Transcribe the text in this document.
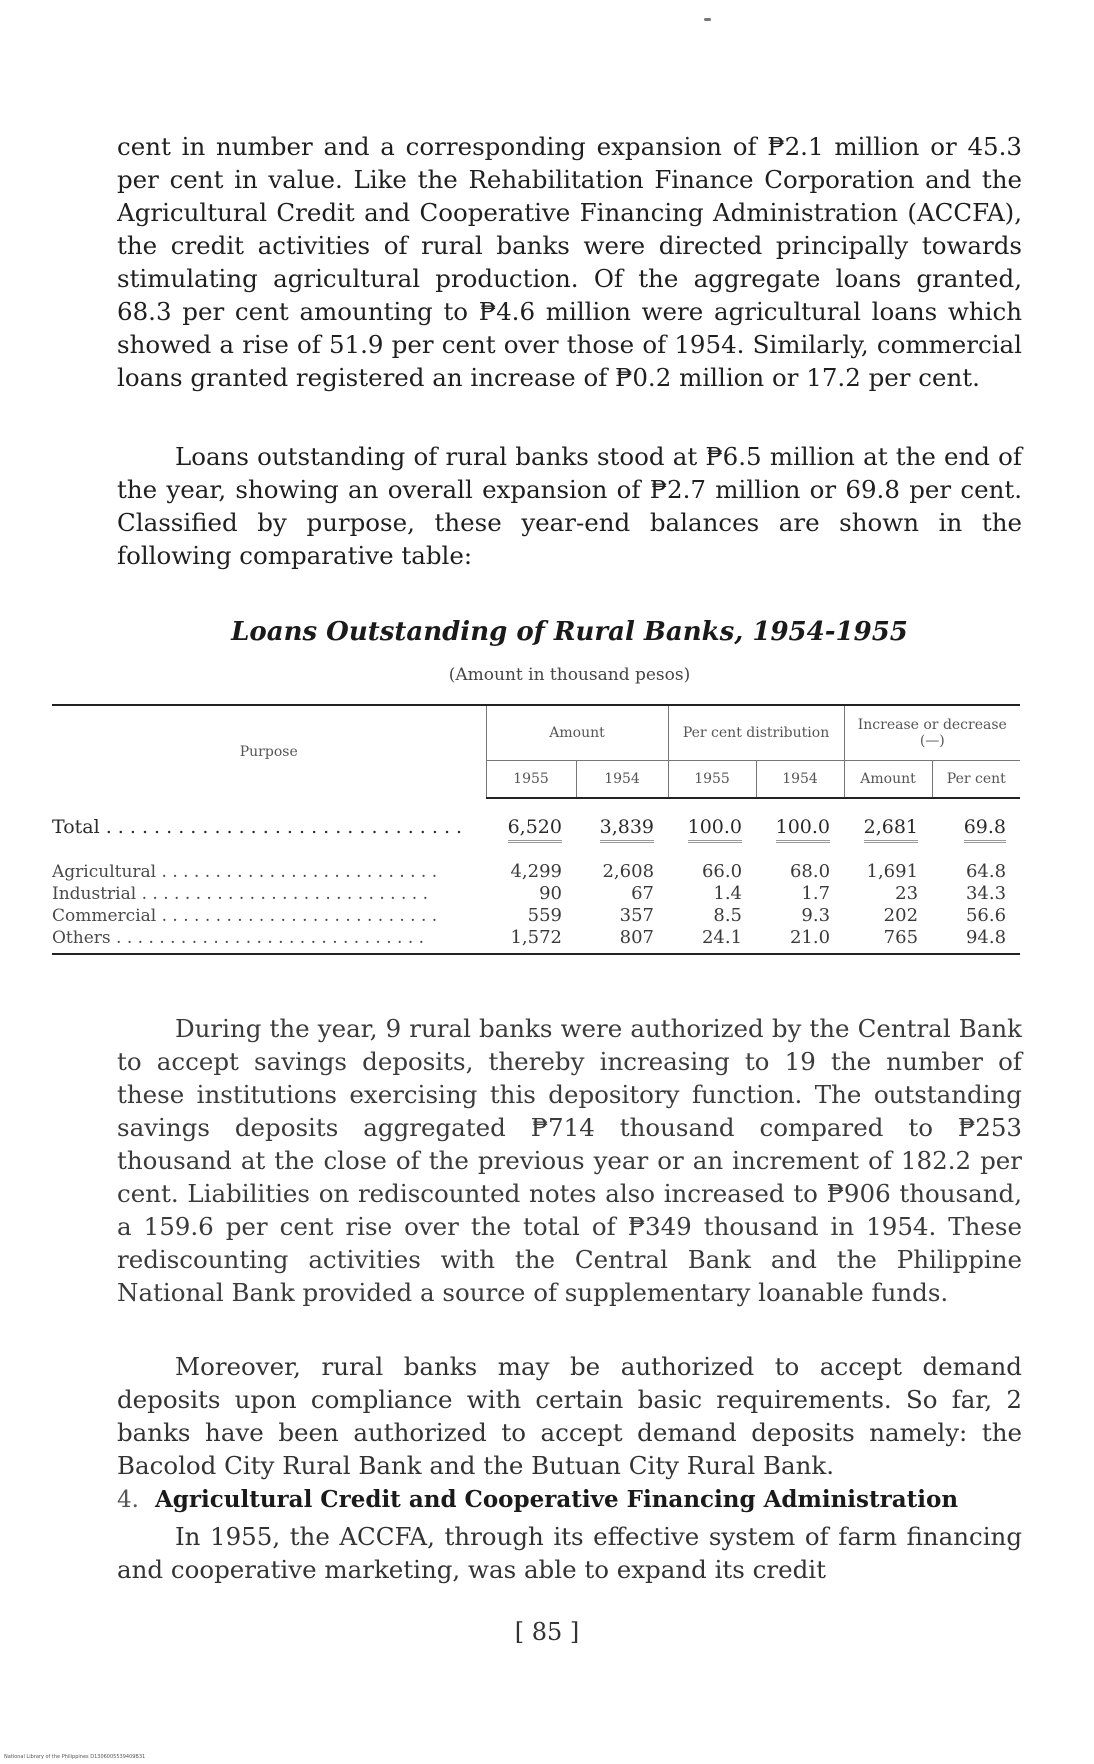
cent in number and a corresponding expansion of ₱2.1 million or 45.3 per cent in value. Like the Rehabilitation Finance Corporation and the Agricultural Credit and Cooperative Financing Administration (ACCFA), the credit activities of rural banks were directed principally towards stimulating agricultural production. Of the aggregate loans granted, 68.3 per cent amounting to ₱4.6 million were agricultural loans which showed a rise of 51.9 per cent over those of 1954. Similarly, commercial loans granted registered an increase of ₱0.2 million or 17.2 per cent.

Loans outstanding of rural banks stood at ₱6.5 million at the end of the year, showing an overall expansion of ₱2.7 million or 69.8 per cent. Classified by purpose, these year-end balances are shown in the following comparative table:

Loans Outstanding of Rural Banks, 1954-1955

(Amount in thousand pesos)

Purpose	Amount		Per cent distribution		Increase or decrease (—)	
	1955	1954	1955	1954	Amount	Per cent
Total . . . . . . . . . . . . . . . . . . . . . . . . . . . . . .	6,520	3,839	100.0	100.0	2,681	69.8
Agricultural . . . . . . . . . . . . . . . . . . . . . . . . . .	4,299	2,608	66.0	68.0	1,691	64.8
Industrial . . . . . . . . . . . . . . . . . . . . . . . . . . .	90	67	1.4	1.7	23	34.3
Commercial . . . . . . . . . . . . . . . . . . . . . . . . . .	559	357	8.5	9.3	202	56.6
Others . . . . . . . . . . . . . . . . . . . . . . . . . . . . .	1,572	807	24.1	21.0	765	94.8

During the year, 9 rural banks were authorized by the Central Bank to accept savings deposits, thereby increasing to 19 the number of these institutions exercising this depository function. The outstanding savings deposits aggregated ₱714 thousand compared to ₱253 thousand at the close of the previous year or an increment of 182.2 per cent. Liabilities on rediscounted notes also increased to ₱906 thousand, a 159.6 per cent rise over the total of ₱349 thousand in 1954. These rediscounting activities with the Central Bank and the Philippine National Bank provided a source of supplementary loanable funds.

Moreover, rural banks may be authorized to accept demand deposits upon compliance with certain basic requirements. So far, 2 banks have been authorized to accept demand deposits namely: the Bacolod City Rural Bank and the Butuan City Rural Bank.

4. Agricultural Credit and Cooperative Financing Administration

In 1955, the ACCFA, through its effective system of farm financing and cooperative marketing, was able to expand its credit

[ 85 ]

National Library of the Philippines D1306005539409B31
